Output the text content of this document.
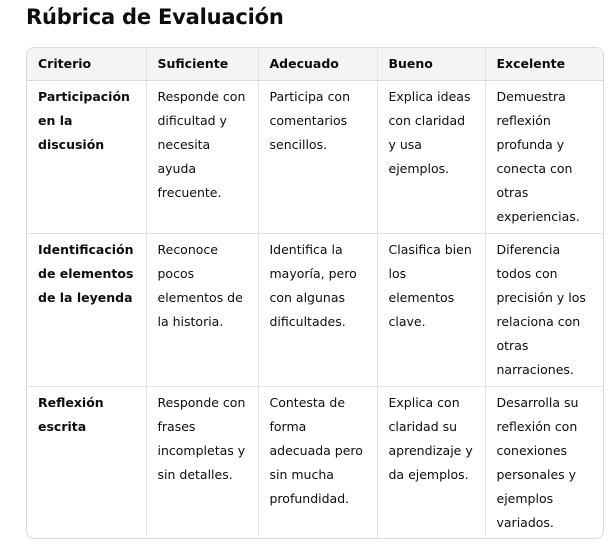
Rúbrica de Evaluación
Criterio	Suficiente	Adecuado	Bueno	Excelente
Participación en la discusión	Responde con dificultad y necesita ayuda frecuente.	Participa con comentarios sencillos.	Explica ideas con claridad y usa ejemplos.	Demuestra reflexión profunda y conecta con otras experiencias.
Identificación de elementos de la leyenda	Reconoce pocos elementos de la historia.	Identifica la mayoría, pero con algunas dificultades.	Clasifica bien los elementos clave.	Diferencia todos con precisión y los relaciona con otras narraciones.
Reflexión escrita	Responde con frases incompletas y sin detalles.	Contesta de forma adecuada pero sin mucha profundidad.	Explica con claridad su aprendizaje y da ejemplos.	Desarrolla su reflexión con conexiones personales y ejemplos variados.
